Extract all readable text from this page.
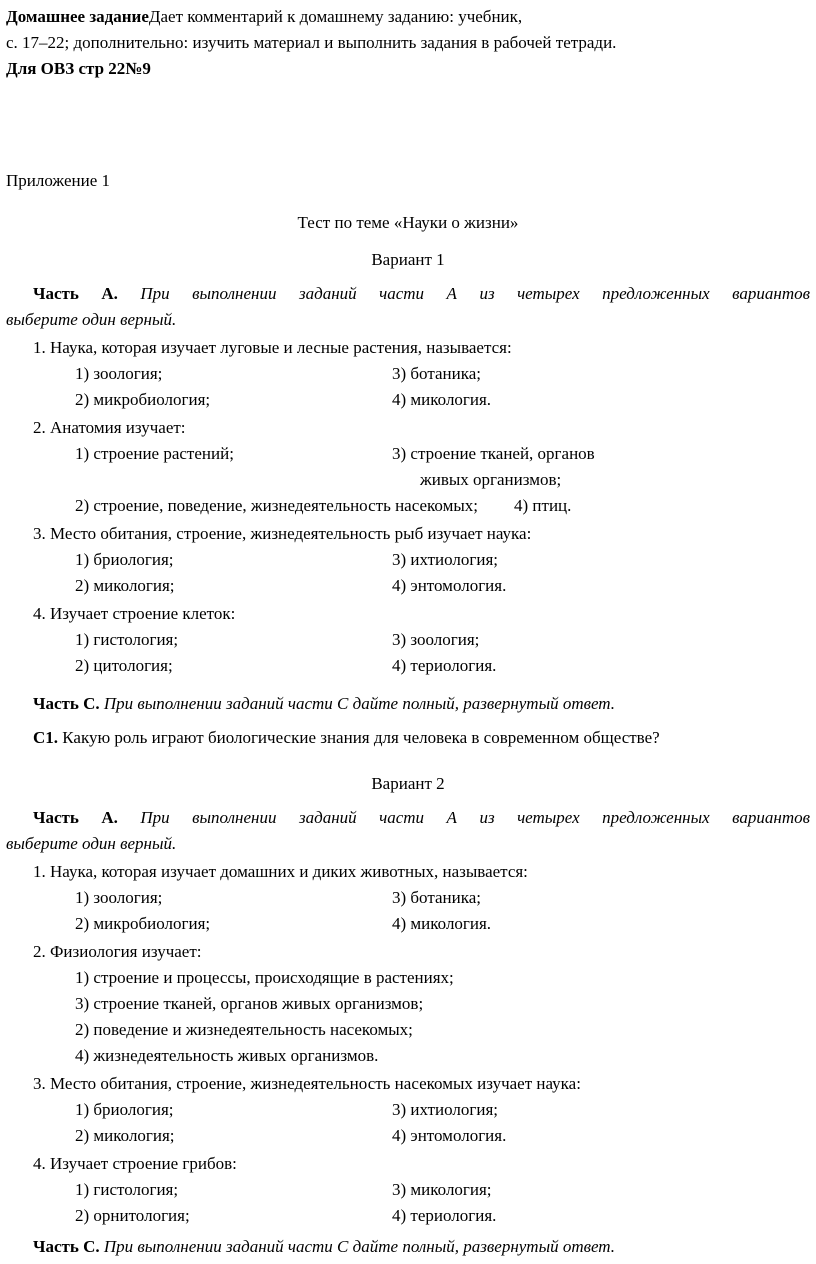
Домашнее заданиеДает комментарий к домашнему заданию: учебник,
с. 17–22; дополнительно: изучить материал и выполнить задания в рабочей тетради.
Для ОВЗ стр 22№9
Приложение 1
Тест по теме «Науки о жизни»
Вариант 1
Часть А. При выполнении заданий части А из четырех предложенных вариантов
выберите один верный.
1. Наука, которая изучает луговые и лесные растения, называется:
1) зоология;	3) ботаника;
2) микробиология;	4) микология.
2. Анатомия изучает:
1) строение растений;	3) строение тканей, органов
живых организмов;
2) строение, поведение, жизнедеятельность насекомых; 4) птиц.
3. Место обитания, строение, жизнедеятельность рыб изучает наука:
1) бриология;	3) ихтиология;
2) микология;	4) энтомология.
4. Изучает строение клеток:
1) гистология;	3) зоология;
2) цитология;	4) териология.
Часть С. При выполнении заданий части С дайте полный, развернутый ответ.
С1. Какую роль играют биологические знания для человека в современном обществе?
Вариант 2
Часть А. При выполнении заданий части А из четырех предложенных вариантов
выберите один верный.
1. Наука, которая изучает домашних и диких животных, называется:
1) зоология;	3) ботаника;
2) микробиология;	4) микология.
2. Физиология изучает:
1) строение и процессы, происходящие в растениях;
3) строение тканей, органов живых организмов;
2) поведение и жизнедеятельность насекомых;
4) жизнедеятельность живых организмов.
3. Место обитания, строение, жизнедеятельность насекомых изучает наука:
1) бриология;	3) ихтиология;
2) микология;	4) энтомология.
4. Изучает строение грибов:
1) гистология;	3) микология;
2) орнитология;	4) териология.
Часть С. При выполнении заданий части С дайте полный, развернутый ответ.
